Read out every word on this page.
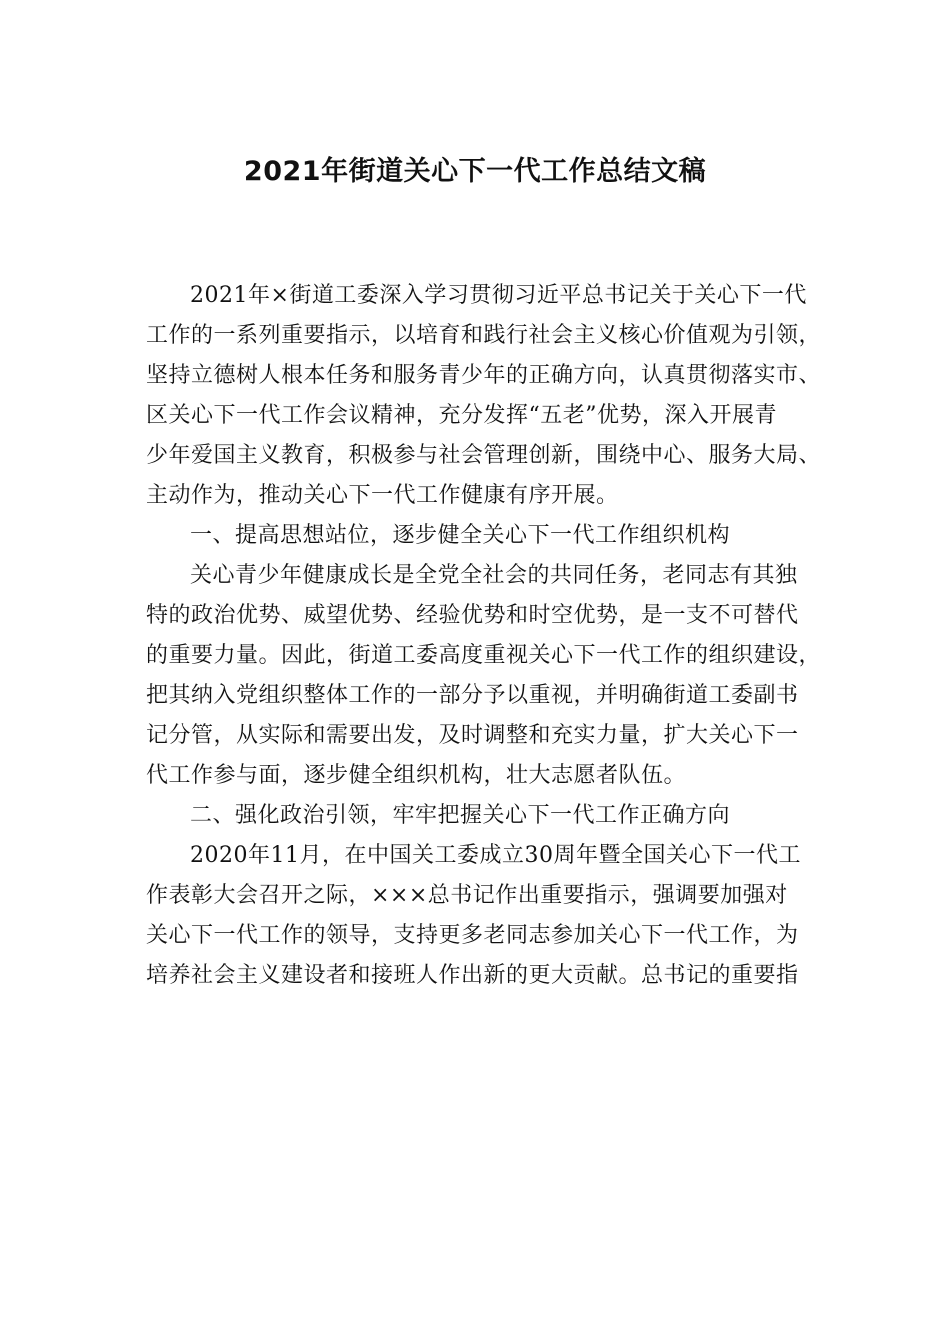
2021年街道关心下一代工作总结文稿
2021年×街道工委深入学习贯彻习近平总书记关于关心下一代
工作的一系列重要指示，以培育和践行社会主义核心价值观为引领，
坚持立德树人根本任务和服务青少年的正确方向，认真贯彻落实市、
区关心下一代工作会议精神，充分发挥“五老”优势，深入开展青
少年爱国主义教育，积极参与社会管理创新，围绕中心、服务大局、
主动作为，推动关心下一代工作健康有序开展。
一、提高思想站位，逐步健全关心下一代工作组织机构
关心青少年健康成长是全党全社会的共同任务，老同志有其独
特的政治优势、威望优势、经验优势和时空优势，是一支不可替代
的重要力量。因此，街道工委高度重视关心下一代工作的组织建设，
把其纳入党组织整体工作的一部分予以重视，并明确街道工委副书
记分管，从实际和需要出发，及时调整和充实力量，扩大关心下一
代工作参与面，逐步健全组织机构，壮大志愿者队伍。
二、强化政治引领，牢牢把握关心下一代工作正确方向
2020年11月，在中国关工委成立30周年暨全国关心下一代工
作表彰大会召开之际，×××总书记作出重要指示，强调要加强对
关心下一代工作的领导，支持更多老同志参加关心下一代工作，为
培养社会主义建设者和接班人作出新的更大贡献。总书记的重要指
